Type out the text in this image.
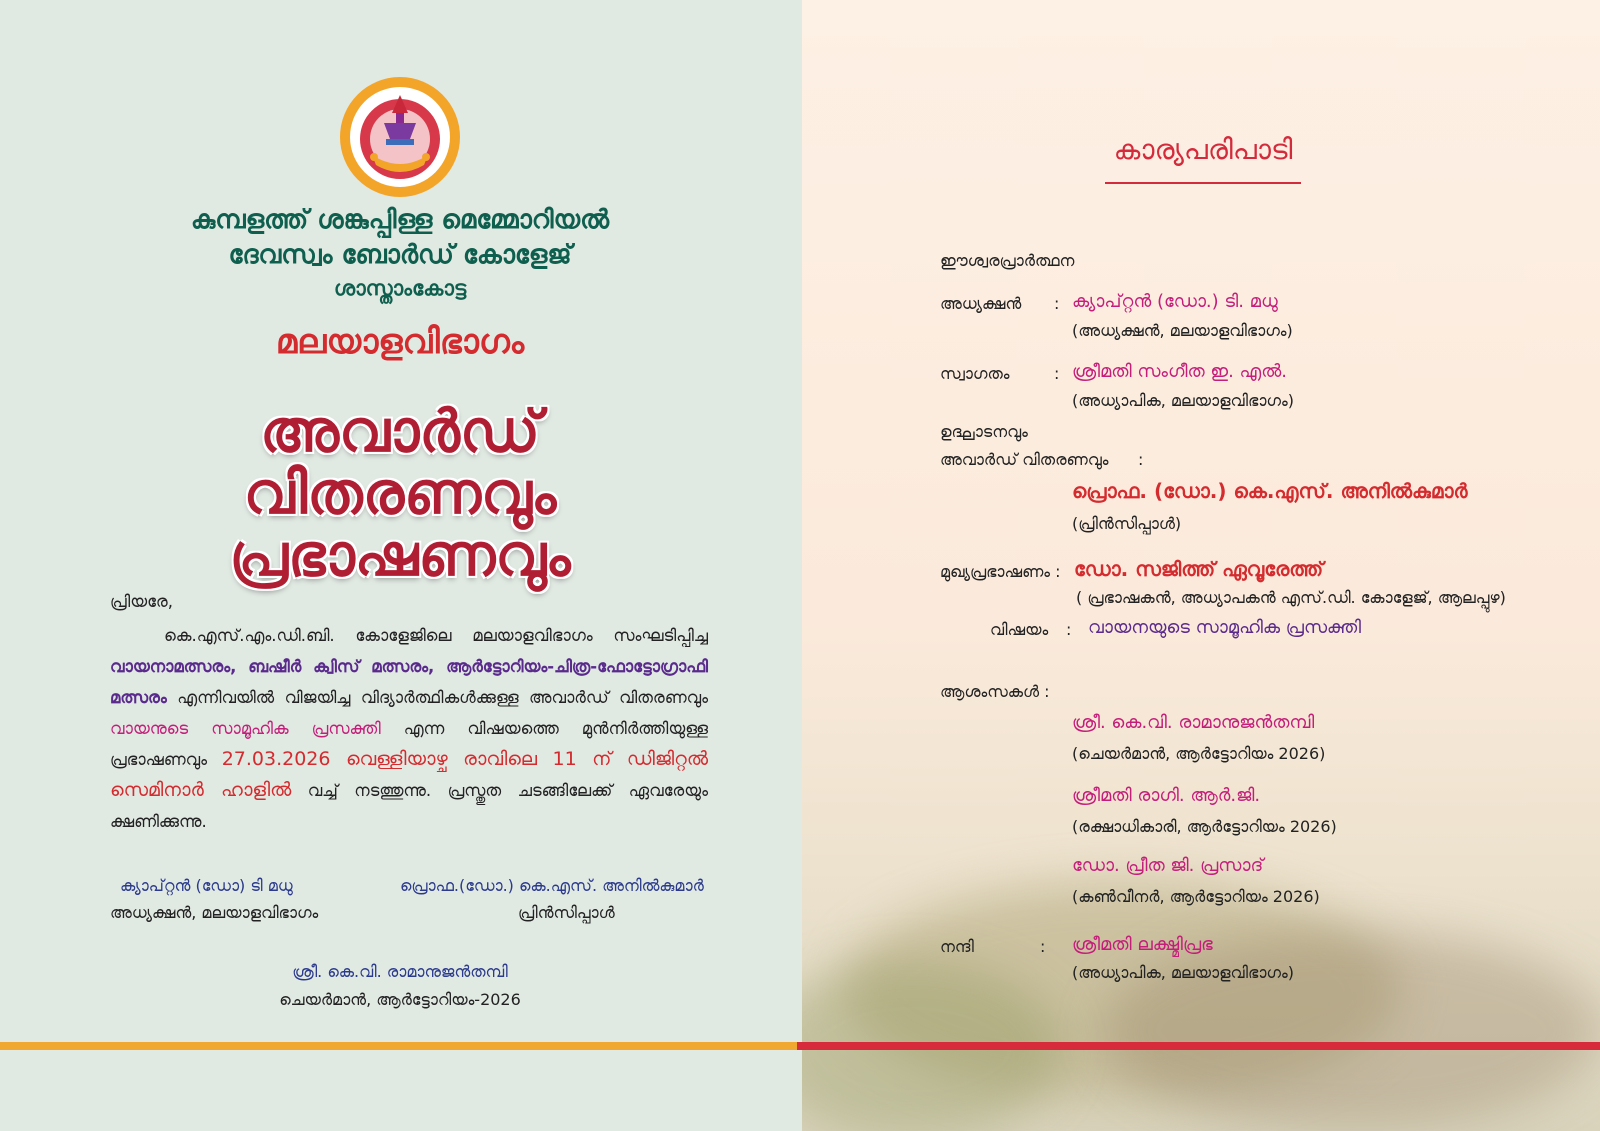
കുമ്പളത്ത് ശങ്കുപ്പിള്ള മെമ്മോറിയൽ
ദേവസ്വം ബോർഡ് കോളേജ്
ശാസ്താംകോട്ട
മലയാളവിഭാഗം
അവാർഡ്
വിതരണവും
പ്രഭാഷണവും
പ്രിയരേ,

കെ.എസ്.എം.ഡി.ബി. കോളേജിലെ മലയാളവിഭാഗം സംഘടിപ്പിച്ച വായനാമത്സരം, ബഷീർ ക്വിസ് മത്സരം, ആർട്ടോറിയം-ചിത്ര-ഫോട്ടോഗ്രാഫി മത്സരം എന്നിവയിൽ വിജയിച്ച വിദ്യാർത്ഥികൾക്കുള്ള അവാർഡ് വിതരണവും വായനുടെ സാമൂഹിക പ്രസക്തി എന്ന വിഷയത്തെ മുൻനിർത്തിയുള്ള പ്രഭാഷണവും 27.03.2026 വെള്ളിയാഴ്ച രാവിലെ 11 ന് ഡിജിറ്റൽ സെമിനാർ ഹാളിൽ വച്ച് നടത്തുന്നു. പ്രസ്തുത ചടങ്ങിലേക്ക് ഏവരേയും ക്ഷണിക്കുന്നു.

ക്യാപ്റ്റൻ (ഡോ) ടി മധു
അധ്യക്ഷൻ, മലയാളവിഭാഗം
പ്രൊഫ.(ഡോ.) കെ.എസ്. അനിൽകുമാർ
പ്രിൻസിപ്പാൾ
ശ്രീ. കെ.വി. രാമാനുജൻതമ്പി
ചെയർമാൻ, ആർട്ടോറിയം-2026
കാര്യപരിപാടി
ഈശ്വരപ്രാർത്ഥന
അധ്യക്ഷൻ : ക്യാപ്റ്റൻ (ഡോ.) ടി. മധു
(അധ്യക്ഷൻ, മലയാളവിഭാഗം)
സ്വാഗതം	: ശ്രീമതി സംഗീത ഇ. എൽ.
(അധ്യാപിക, മലയാളവിഭാഗം)
ഉദ്ഘാടനവും
അവാർഡ് വിതരണവും :
പ്രൊഫ. (ഡോ.) കെ.എസ്. അനിൽകുമാർ
(പ്രിൻസിപ്പാൾ)
മുഖ്യപ്രഭാഷണം : ഡോ. സജിത്ത് ഏവൂരേത്ത്
( പ്രഭാഷകൻ, അധ്യാപകൻ എസ്.ഡി. കോളേജ്, ആലപ്പുഴ)
വിഷയം : വായനയുടെ സാമൂഹിക പ്രസക്തി
ആശംസകൾ :
ശ്രീ. കെ.വി. രാമാനുജൻതമ്പി
(ചെയർമാൻ, ആർട്ടോറിയം 2026)
ശ്രീമതി രാഗി. ആർ.ജി.
(രക്ഷാധികാരി, ആർട്ടോറിയം 2026)
ഡോ. പ്രീത ജി. പ്രസാദ്
(കൺവീനർ, ആർട്ടോറിയം 2026)
നന്ദി	: ശ്രീമതി ലക്ഷ്മിപ്രഭ
(അധ്യാപിക, മലയാളവിഭാഗം)
